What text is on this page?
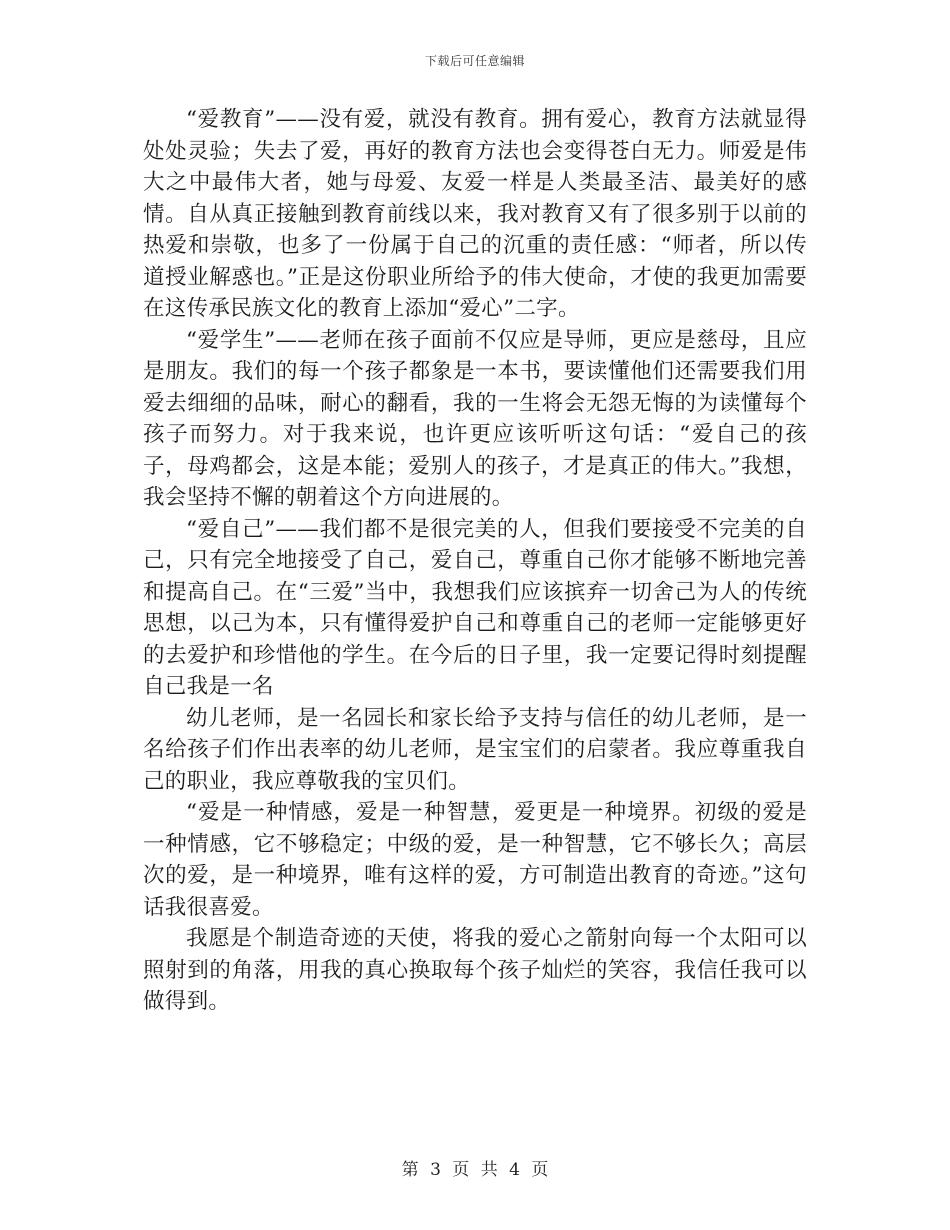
下载后可任意编辑

“爱教育”——没有爱，就没有教育。拥有爱心，教育方法就显得处处灵验；失去了爱，再好的教育方法也会变得苍白无力。师爱是伟大之中最伟大者，她与母爱、友爱一样是人类最圣洁、最美好的感情。自从真正接触到教育前线以来，我对教育又有了很多别于以前的热爱和崇敬，也多了一份属于自己的沉重的责任感：“师者，所以传道授业解惑也。”正是这份职业所给予的伟大使命，才使的我更加需要在这传承民族文化的教育上添加“爱心”二字。

“爱学生”——老师在孩子面前不仅应是导师，更应是慈母，且应是朋友。我们的每一个孩子都象是一本书，要读懂他们还需要我们用爱去细细的品味，耐心的翻看，我的一生将会无怨无悔的为读懂每个孩子而努力。对于我来说，也许更应该听听这句话：“爱自己的孩子，母鸡都会，这是本能；爱别人的孩子，才是真正的伟大。”我想，我会坚持不懈的朝着这个方向进展的。

“爱自己”——我们都不是很完美的人，但我们要接受不完美的自己，只有完全地接受了自己，爱自己，尊重自己你才能够不断地完善和提高自己。在“三爱”当中，我想我们应该摈弃一切舍己为人的传统思想，以己为本，只有懂得爱护自己和尊重自己的老师一定能够更好的去爱护和珍惜他的学生。在今后的日子里，我一定要记得时刻提醒自己我是一名

幼儿老师，是一名园长和家长给予支持与信任的幼儿老师，是一名给孩子们作出表率的幼儿老师，是宝宝们的启蒙者。我应尊重我自己的职业，我应尊敬我的宝贝们。

“爱是一种情感，爱是一种智慧，爱更是一种境界。初级的爱是一种情感，它不够稳定；中级的爱，是一种智慧，它不够长久；高层次的爱，是一种境界，唯有这样的爱，方可制造出教育的奇迹。”这句话我很喜爱。

我愿是个制造奇迹的天使，将我的爱心之箭射向每一个太阳可以照射到的角落，用我的真心换取每个孩子灿烂的笑容，我信任我可以做得到。

第 3 页 共 4 页
